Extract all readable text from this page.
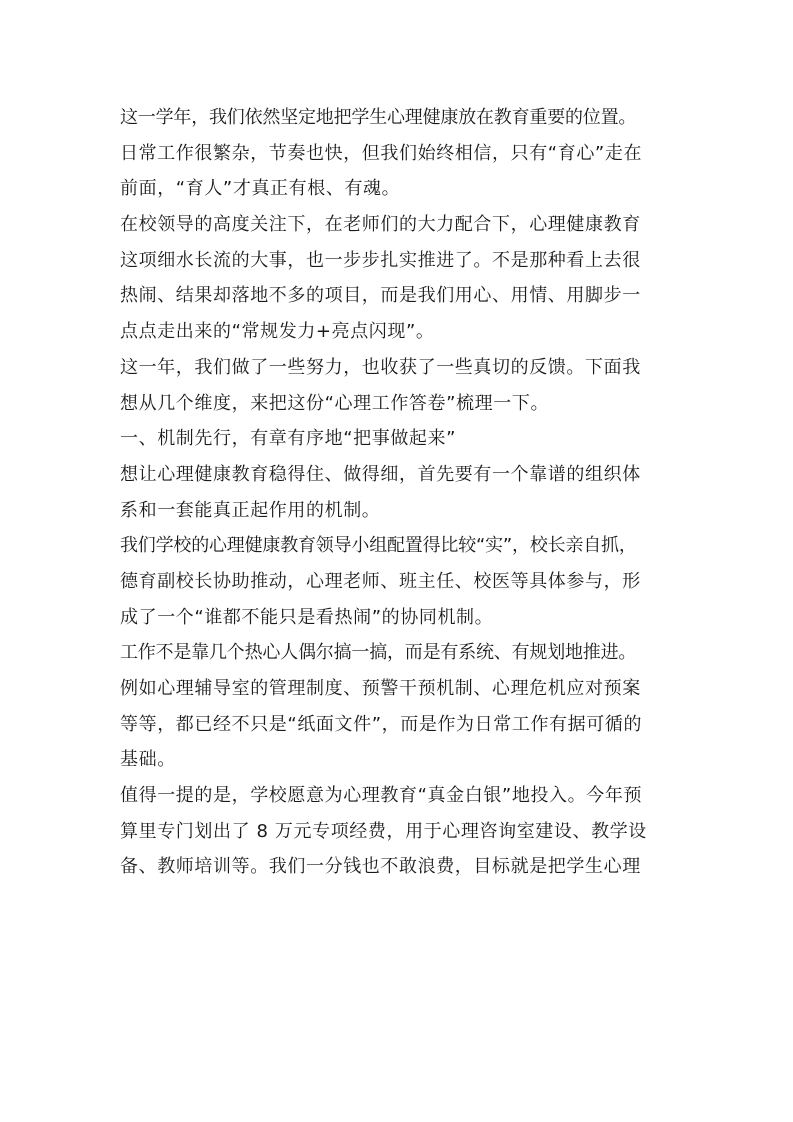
这一学年，我们依然坚定地把学生心理健康放在教育重要的位置。
日常工作很繁杂，节奏也快，但我们始终相信，只有“育心”走在
前面，“育人”才真正有根、有魂。
在校领导的高度关注下，在老师们的大力配合下，心理健康教育
这项细水长流的大事，也一步步扎实推进了。不是那种看上去很
热闹、结果却落地不多的项目，而是我们用心、用情、用脚步一
点点走出来的“常规发力+亮点闪现”。
这一年，我们做了一些努力，也收获了一些真切的反馈。下面我
想从几个维度，来把这份“心理工作答卷”梳理一下。
一、机制先行，有章有序地“把事做起来”
想让心理健康教育稳得住、做得细，首先要有一个靠谱的组织体
系和一套能真正起作用的机制。
我们学校的心理健康教育领导小组配置得比较“实”，校长亲自抓，
德育副校长协助推动，心理老师、班主任、校医等具体参与，形
成了一个“谁都不能只是看热闹”的协同机制。
工作不是靠几个热心人偶尔搞一搞，而是有系统、有规划地推进。
例如心理辅导室的管理制度、预警干预机制、心理危机应对预案
等等，都已经不只是“纸面文件”，而是作为日常工作有据可循的
基础。
值得一提的是，学校愿意为心理教育“真金白银”地投入。今年预
算里专门划出了 8 万元专项经费，用于心理咨询室建设、教学设
备、教师培训等。我们一分钱也不敢浪费，目标就是把学生心理
